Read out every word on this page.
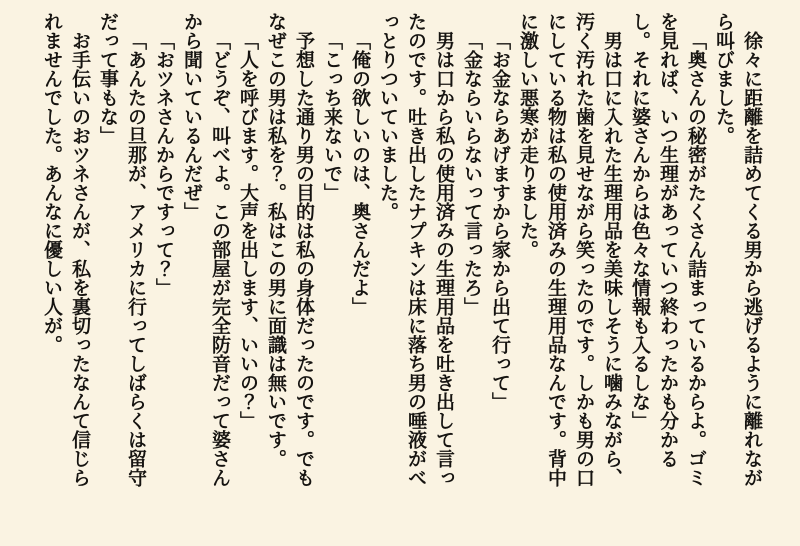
徐々に距離を詰めてくる男から逃げるように離れながら叫びました。

「奥さんの秘密がたくさん詰まっているからよ。ゴミを見れば、いつ生理があっていつ終わったかも分かるし。それに婆さんからは色々な情報も入るしな」

男は口に入れた生理用品を美味しそうに噛みながら、汚く汚れた歯を見せながら笑ったのです。しかも男の口にしている物は私の使用済みの生理用品なんです。背中に激しい悪寒が走りました。

「お金ならあげますから家から出て行って」

「金ならいらないって言ったろ」

男は口から私の使用済みの生理用品を吐き出して言ったのです。吐き出したナプキンは床に落ち男の唾液がべっとりついていました。

「俺の欲しいのは、奥さんだよ」

「こっち来ないで」

予想した通り男の目的は私の身体だったのです。でもなぜこの男は私を？。私はこの男に面識は無いです。

「人を呼びます。大声を出します、いいの？」

「どうぞ、叫べよ。この部屋が完全防音だって婆さんから聞いているんだぜ」

「おツネさんからですって？」

「あんたの旦那が、アメリカに行ってしばらくは留守だって事もな」

お手伝いのおツネさんが、私を裏切ったなんて信じられませんでした。あんなに優しい人が。
